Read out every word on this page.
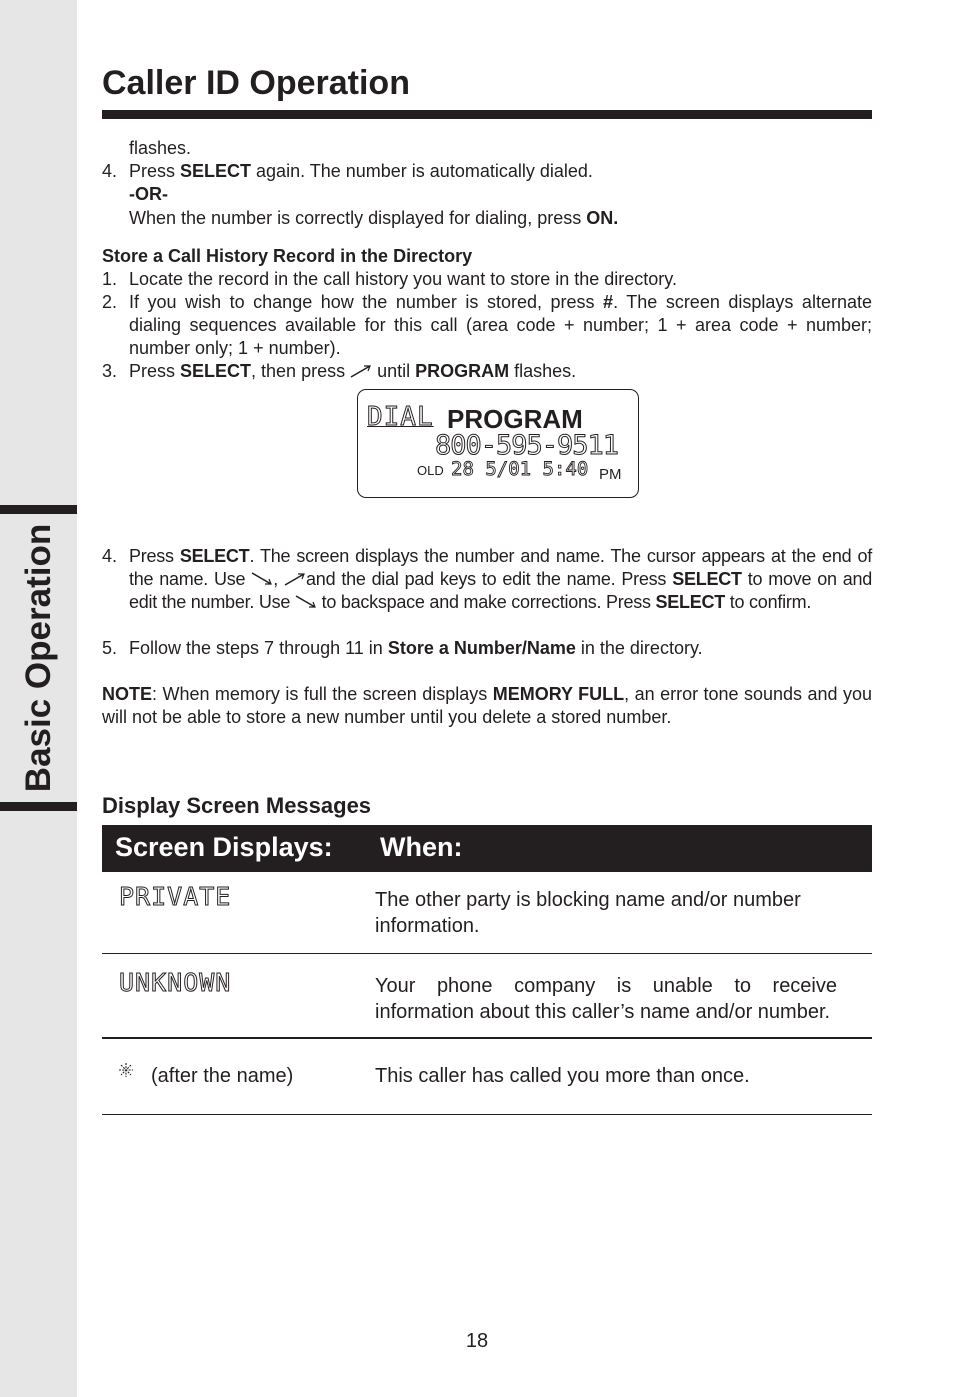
Basic Operation
Caller ID Operation
flashes.
4. Press SELECT again. The number is automatically dialed.
-OR-
When the number is correctly displayed for dialing, press ON.
Store a Call History Record in the Directory
1. Locate the record in the call history you want to store in the directory.
2. If you wish to change how the number is stored, press #. The screen displays alternate dialing sequences available for this call (area code + number; 1 + area code + number; number only; 1 + number).
3. Press SELECT, then press  until PROGRAM flashes.
DIAL PROGRAM
800-595-9511
OLD 28 5/01 5:40 PM
4. Press SELECT. The screen displays the number and name. The cursor appears at the end of the name. Use , and the dial pad keys to edit the name. Press SELECT to move on and edit the number. Use  to backspace and make corrections. Press SELECT to confirm.
5. Follow the steps 7 through 11 in Store a Number/Name in the directory.
NOTE: When memory is full the screen displays MEMORY FULL, an error tone sounds and you will not be able to store a new number until you delete a stored number.
Display Screen Messages
Screen Displays: When:
PRIVATE	The other party is blocking name and/or number information.
UNKNOWN	Your phone company is unable to receive information about this caller’s name and/or number.
(after the name)	This caller has called you more than once.
18
